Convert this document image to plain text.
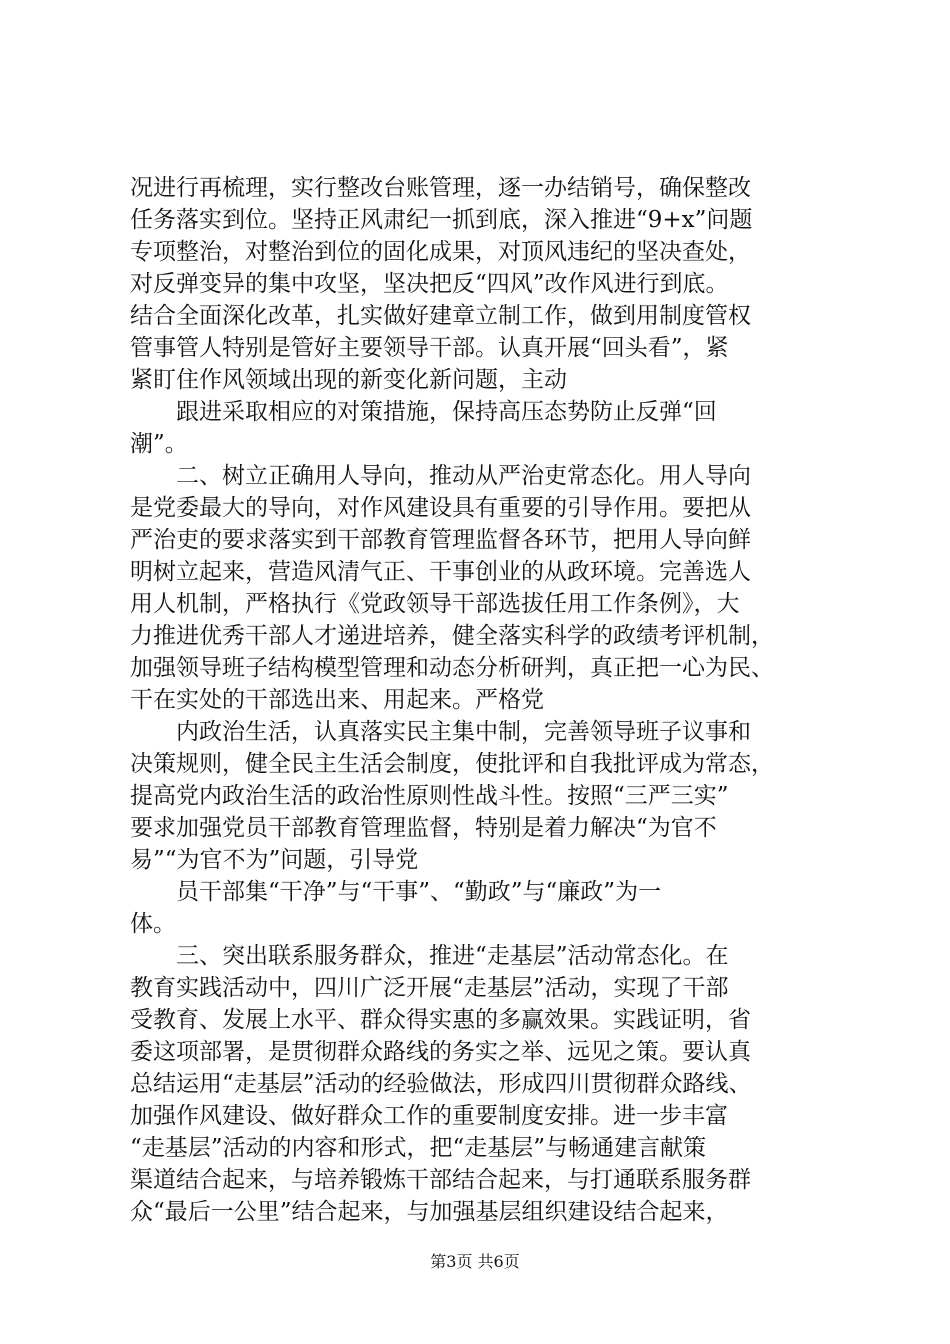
况进行再梳理，实行整改台账管理，逐一办结销号，确保整改
任务落实到位。坚持正风肃纪一抓到底，深入推进“9+x”问题
专项整治，对整治到位的固化成果，对顶风违纪的坚决查处，
对反弹变异的集中攻坚，坚决把反“四风”改作风进行到底。
结合全面深化改革，扎实做好建章立制工作，做到用制度管权
管事管人特别是管好主要领导干部。认真开展“回头看”，紧
紧盯住作风领域出现的新变化新问题，主动
跟进采取相应的对策措施，保持高压态势防止反弹“回
潮”。
二、树立正确用人导向，推动从严治吏常态化。用人导向
是党委最大的导向，对作风建设具有重要的引导作用。要把从
严治吏的要求落实到干部教育管理监督各环节，把用人导向鲜
明树立起来，营造风清气正、干事创业的从政环境。完善选人
用人机制，严格执行《党政领导干部选拔任用工作条例》，大
力推进优秀干部人才递进培养，健全落实科学的政绩考评机制，
加强领导班子结构模型管理和动态分析研判，真正把一心为民、
干在实处的干部选出来、用起来。严格党
内政治生活，认真落实民主集中制，完善领导班子议事和
决策规则，健全民主生活会制度，使批评和自我批评成为常态，
提高党内政治生活的政治性原则性战斗性。按照“三严三实”
要求加强党员干部教育管理监督，特别是着力解决“为官不
易”“为官不为”问题，引导党
员干部集“干净”与“干事”、“勤政”与“廉政”为一
体。
三、突出联系服务群众，推进“走基层”活动常态化。在
教育实践活动中，四川广泛开展“走基层”活动，实现了干部
受教育、发展上水平、群众得实惠的多赢效果。实践证明，省
委这项部署，是贯彻群众路线的务实之举、远见之策。要认真
总结运用“走基层”活动的经验做法，形成四川贯彻群众路线、
加强作风建设、做好群众工作的重要制度安排。进一步丰富
“走基层”活动的内容和形式，把“走基层”与畅通建言献策
渠道结合起来，与培养锻炼干部结合起来，与打通联系服务群
众“最后一公里”结合起来，与加强基层组织建设结合起来，
第3页 共6页
